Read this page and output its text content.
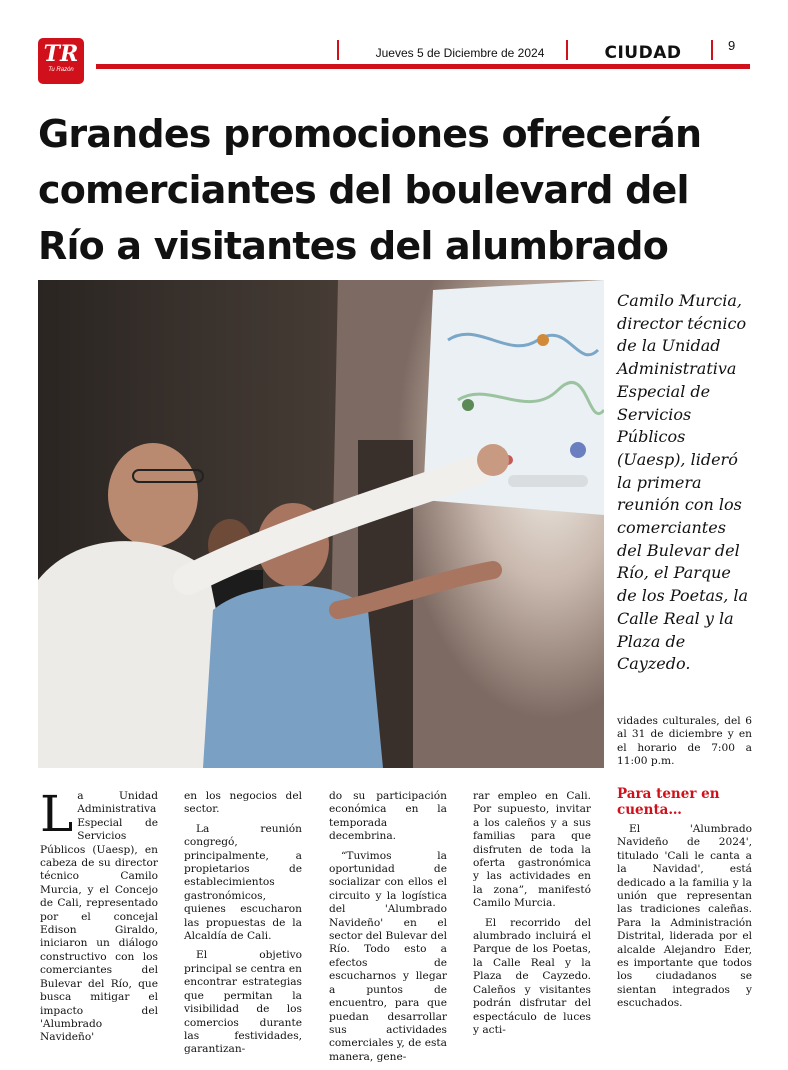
TR
Tu Razón
Jueves 5 de Diciembre de 2024	CIUDAD	9
Grandes promociones ofrecerán comerciantes del boulevard del Río a visitantes del alumbrado
Camilo Murcia, director técnico de la Unidad Administrativa Especial de Servicios Públicos (Uaesp), lideró la primera reunión con los comerciantes del Bulevar del Río, el Parque de los Poetas, la Calle Real y la Plaza de Cayzedo.

La Unidad Administrativa Especial de Servicios Públicos (Uaesp), en cabeza de su director técnico Camilo Murcia, y el Concejo de Cali, representado por el concejal Edison Giraldo, iniciaron un diálogo constructivo con los comerciantes del Bulevar del Río, que busca mitigar el impacto del 'Alumbrado Navideño'

en los negocios del sector.

La reunión congregó, principalmente, a propietarios de establecimientos gastronómicos, quienes escucharon las propuestas de la Alcaldía de Cali.

El objetivo principal se centra en encontrar estrategias que permitan la visibilidad de los comercios durante las festividades, garantizan-

do su participación económica en la temporada decembrina.

“Tuvimos la oportunidad de socializar con ellos el circuito y la logística del 'Alumbrado Navideño' en el sector del Bulevar del Río. Todo esto a efectos de escucharnos y llegar a puntos de encuentro, para que puedan desarrollar sus actividades comerciales y, de esta manera, gene-

rar empleo en Cali. Por supuesto, invitar a los caleños y a sus familias para que disfruten de toda la oferta gastronómica y las actividades en la zona”, manifestó Camilo Murcia.

El recorrido del alumbrado incluirá el Parque de los Poetas, la Calle Real y la Plaza de Cayzedo. Caleños y visitantes podrán disfrutar del espectáculo de luces y acti-

vidades culturales, del 6 al 31 de diciembre y en el horario de 7:00 a 11:00 p.m.

Para tener en cuenta…
El 'Alumbrado Navideño de 2024', titulado 'Cali le canta a la Navidad', está dedicado a la familia y la unión que representan las tradiciones caleñas. Para la Administración Distrital, liderada por el alcalde Alejandro Eder, es importante que todos los ciudadanos se sientan integrados y escuchados.
